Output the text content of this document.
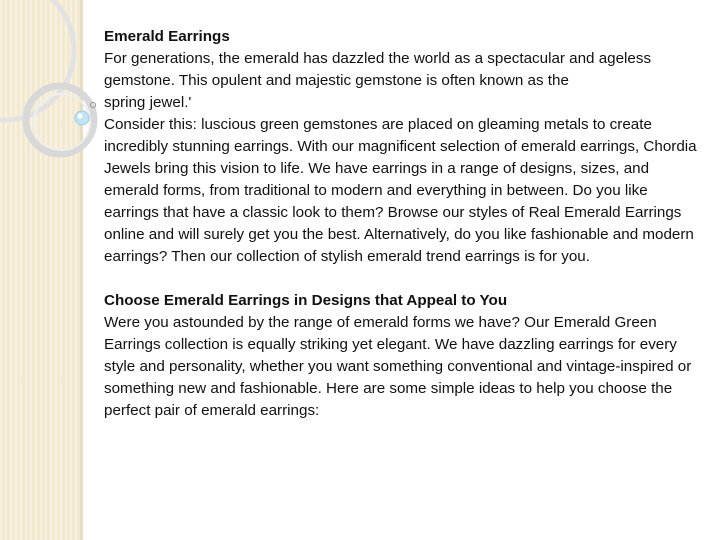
Emerald Earrings

For generations, the emerald has dazzled the world as a spectacular and ageless gemstone. This opulent and majestic gemstone is often known as the

spring jewel.'

Consider this: luscious green gemstones are placed on gleaming metals to create incredibly stunning earrings. With our magnificent selection of emerald earrings, Chordia Jewels bring this vision to life. We have earrings in a range of designs, sizes, and emerald forms, from traditional to modern and everything in between. Do you like earrings that have a classic look to them? Browse our styles of Real Emerald Earrings online and will surely get you the best. Alternatively, do you like fashionable and modern earrings? Then our collection of stylish emerald trend earrings is for you.

Choose Emerald Earrings in Designs that Appeal to You

Were you astounded by the range of emerald forms we have? Our Emerald Green Earrings collection is equally striking yet elegant. We have dazzling earrings for every style and personality, whether you want something conventional and vintage-inspired or something new and fashionable. Here are some simple ideas to help you choose the perfect pair of emerald earrings:
